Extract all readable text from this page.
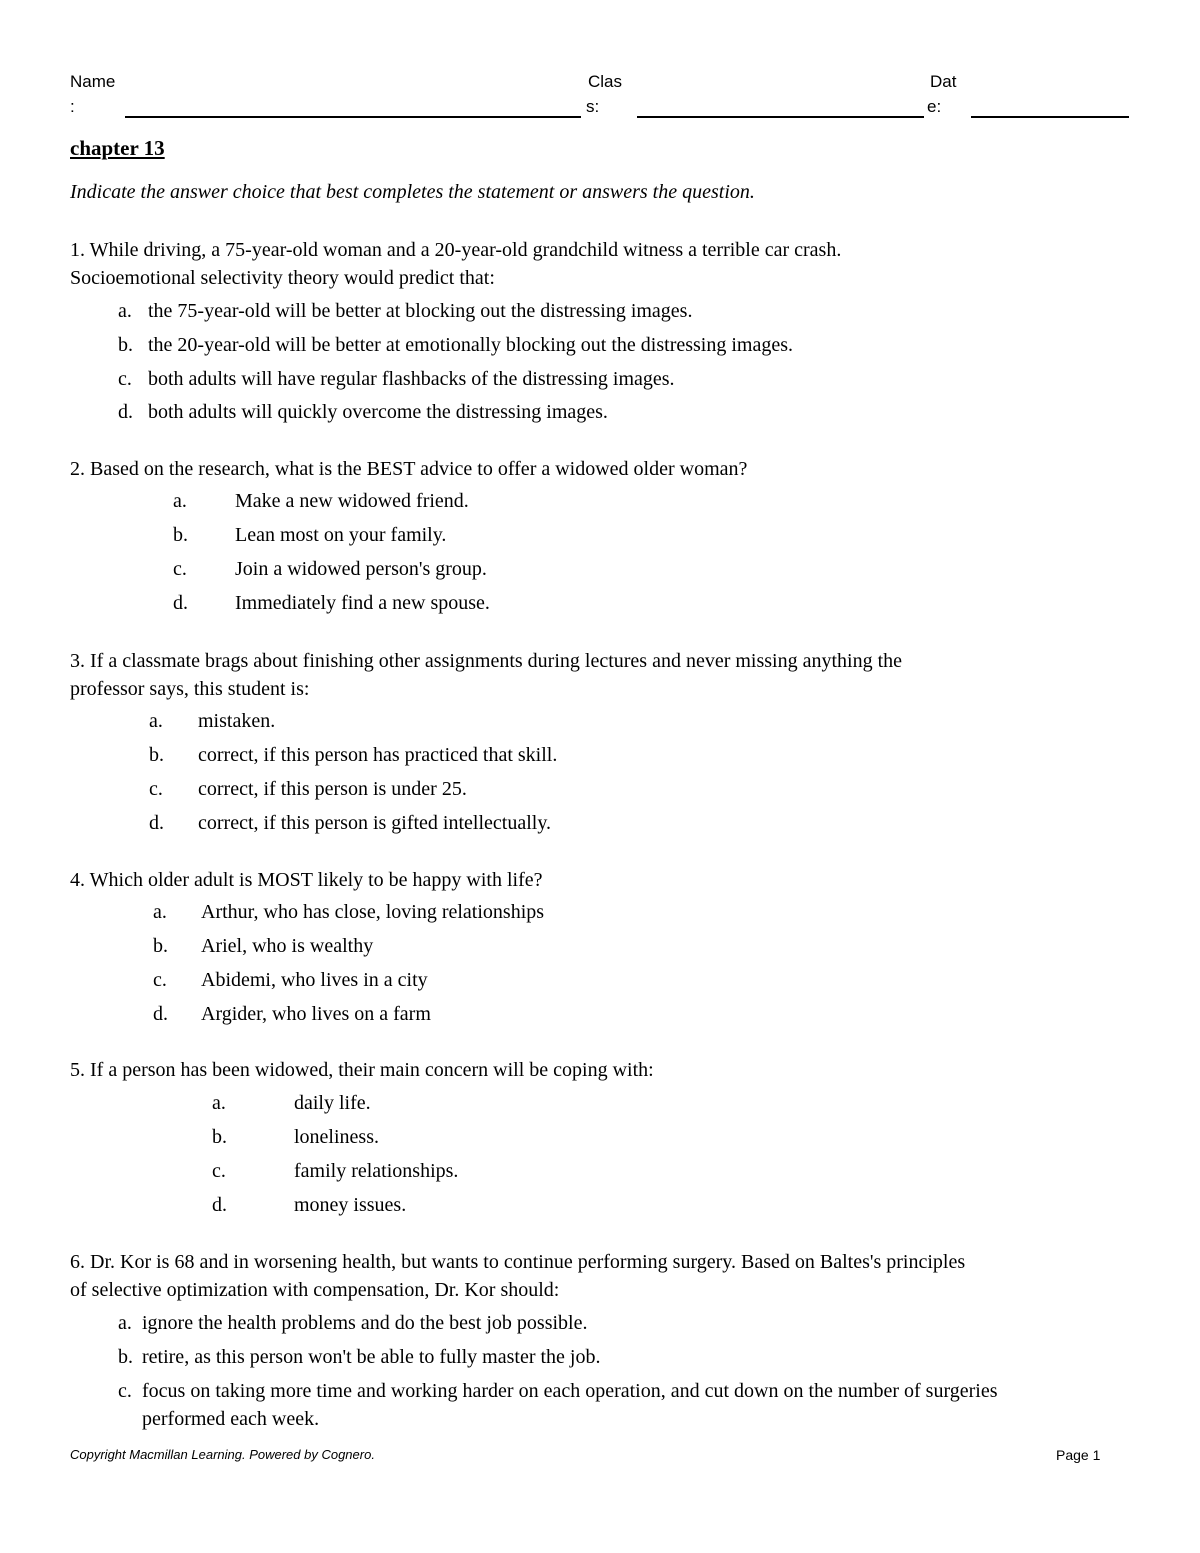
Name
:
Clas
s:
Dat
e:
chapter 13
Indicate the answer choice that best completes the statement or answers the question.
1. While driving, a 75-year-old woman and a 20-year-old grandchild witness a terrible car crash.
Socioemotional selectivity theory would predict that:
a. the 75-year-old will be better at blocking out the distressing images.
b. the 20-year-old will be better at emotionally blocking out the distressing images.
c. both adults will have regular flashbacks of the distressing images.
d. both adults will quickly overcome the distressing images.
2. Based on the research, what is the BEST advice to offer a widowed older woman?
a. Make a new widowed friend.
b. Lean most on your family.
c. Join a widowed person's group.
d. Immediately find a new spouse.
3. If a classmate brags about finishing other assignments during lectures and never missing anything the
professor says, this student is:
a. mistaken.
b. correct, if this person has practiced that skill.
c. correct, if this person is under 25.
d. correct, if this person is gifted intellectually.
4. Which older adult is MOST likely to be happy with life?
a. Arthur, who has close, loving relationships
b. Ariel, who is wealthy
c. Abidemi, who lives in a city
d. Argider, who lives on a farm
5. If a person has been widowed, their main concern will be coping with:
a.	daily life.
b.	loneliness.
c.	family relationships.
d.	money issues.
6. Dr. Kor is 68 and in worsening health, but wants to continue performing surgery. Based on Baltes's principles
of selective optimization with compensation, Dr. Kor should:
a. ignore the health problems and do the best job possible.
b. retire, as this person won't be able to fully master the job.
c. focus on taking more time and working harder on each operation, and cut down on the number of surgeries performed each week.
Copyright Macmillan Learning. Powered by Cognero.	Page 1
